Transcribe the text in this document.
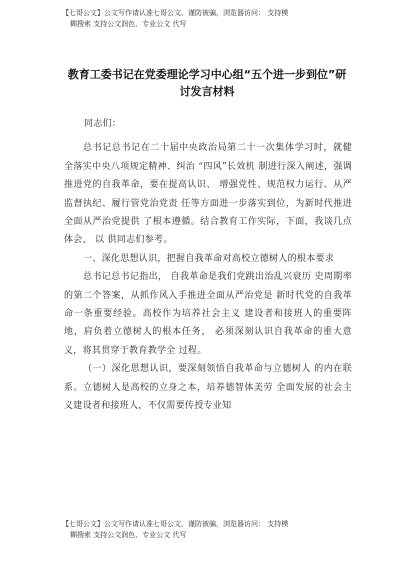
【七哥公文】公文写作请认准七哥公文、谨防被骗，浏览器访问： 支持模
糊搜索 支持公文润色、专业公文 代写
教育工委书记在党委理论学习中心组“五个进一步到位”研讨发言材料

同志们：

总书记总书记在二十届中央政治局第二十一次集体学习时，就健全落实中央八项规定精神、纠治 “四风”长效机 制进行深入阐述，强调推进党的自我革命，要在提高认识、 增强党性、规范权力运行、从严监督执纪、履行管党治党责 任等方面进一步落实到位，为新时代推进全面从严治党提供 了根本遵循。结合教育工作实际，下面，我谈几点体会， 以 供同志们参考。

一、深化思想认识，把握自我革命对高校立德树人的根本要求

总书记总书记指出， 自我革命是我们党跳出治乱兴衰历 史周期率的第二个答案，从抓作风入手推进全面从严治党是 新时代党的自我革命一条重要经验。高校作为培养社会主义 建设者和接班人的重要阵地，肩负着立德树人的根本任务， 必须深刻认识自我革命的重大意义，将其贯穿于教育教学全 过程。

（一）深化思想认识，要深刻领悟自我革命与立德树人 的内在联系。立德树人是高校的立身之本，培养德智体美劳 全面发展的社会主义建设者和接班人，不仅需要传授专业知

【七哥公文】公文写作请认准七哥公文、谨防被骗，浏览器访问： 支持模
糊搜索 支持公文润色、专业公文 代写
